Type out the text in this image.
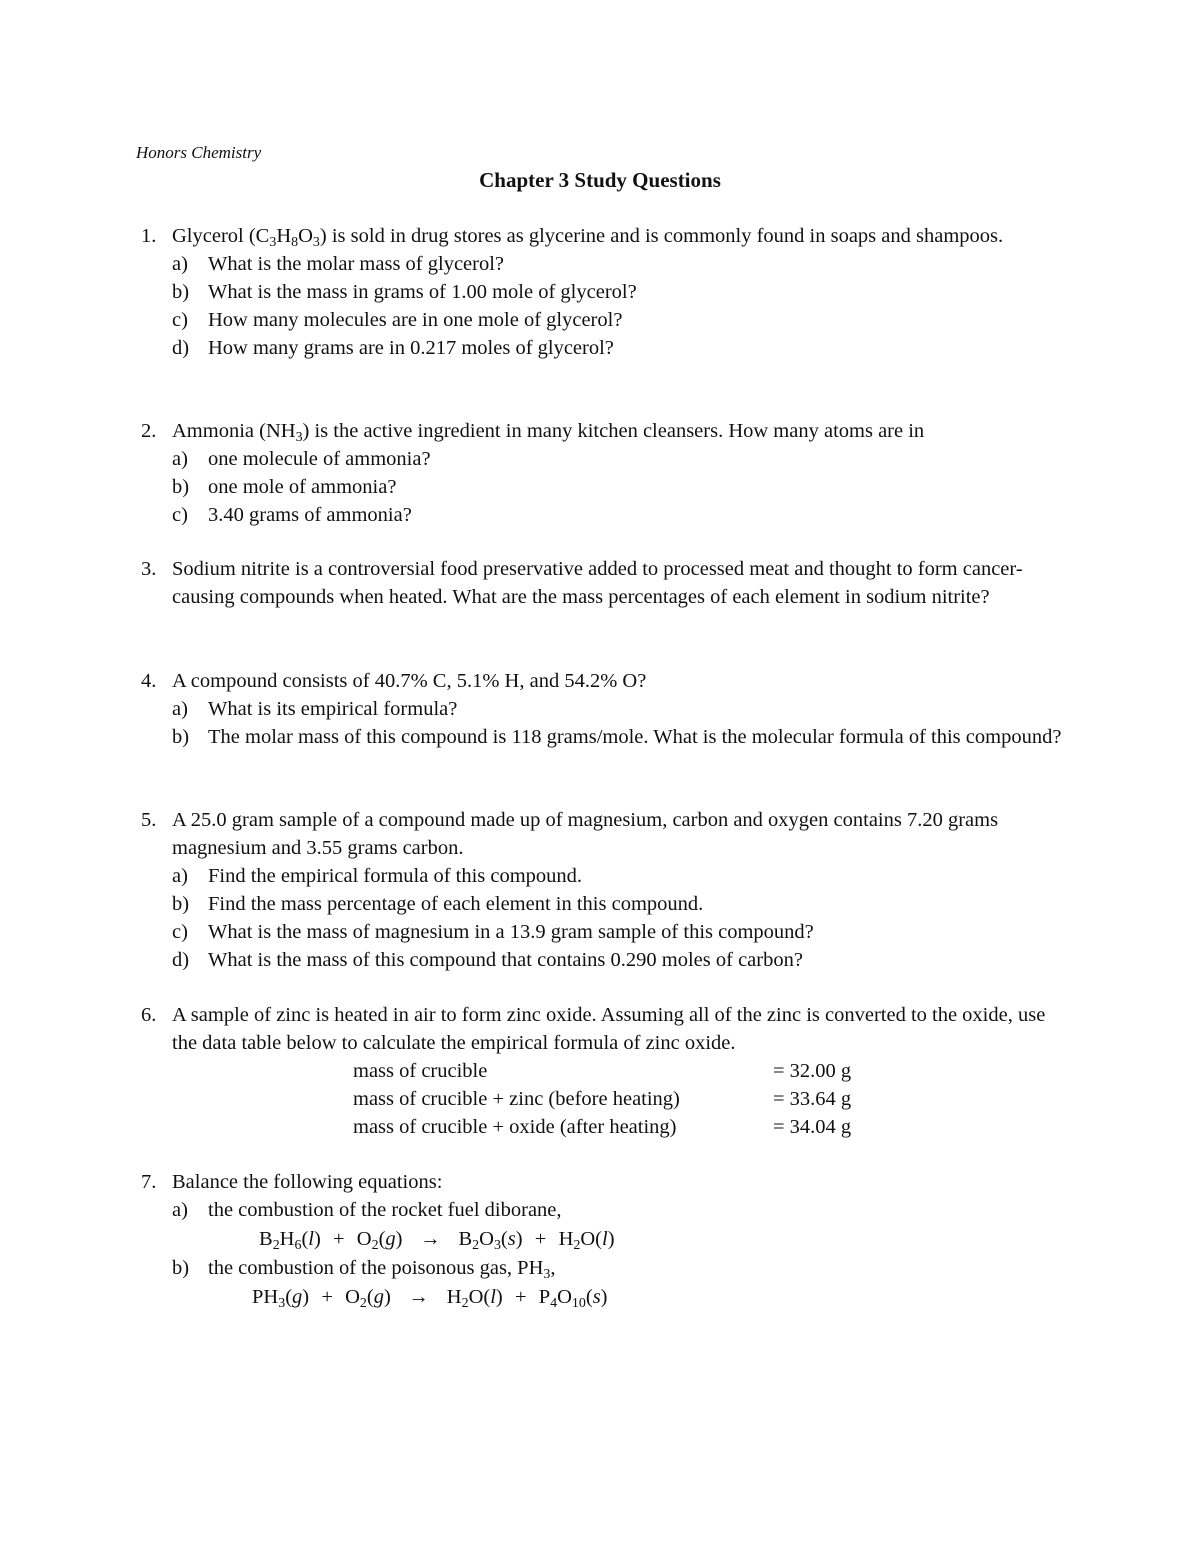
Honors Chemistry
Chapter 3 Study Questions
1. Glycerol $(C_3H_8O_3)$ is sold in drug stores as glycerine and is commonly found in soaps and shampoos.
a) What is the molar mass of glycerol?
b) What is the mass in grams of 1.00 mole of glycerol?
c) How many molecules are in one mole of glycerol?
d) How many grams are in 0.217 moles of glycerol?
2. Ammonia $(NH_3)$ is the active ingredient in many kitchen cleansers. How many atoms are in
a) one molecule of ammonia?
b) one mole of ammonia?
c) 3.40 grams of ammonia?
3. Sodium nitrite is a controversial food preservative added to processed meat and thought to form cancer-causing compounds when heated. What are the mass percentages of each element in sodium nitrite?
4. A compound consists of 40.7% C, 5.1% H, and 54.2% O?
a) What is its empirical formula?
b) The molar mass of this compound is 118 grams/mole. What is the molecular formula of this compound?
5. A 25.0 gram sample of a compound made up of magnesium, carbon and oxygen contains 7.20 grams magnesium and 3.55 grams carbon.
a) Find the empirical formula of this compound.
b) Find the mass percentage of each element in this compound.
c) What is the mass of magnesium in a 13.9 gram sample of this compound?
d) What is the mass of this compound that contains 0.290 moles of carbon?
6. A sample of zinc is heated in air to form zinc oxide. Assuming all of the zinc is converted to the oxide, use the data table below to calculate the empirical formula of zinc oxide.
mass of crucible	= 32.00 g
mass of crucible + zinc (before heating)	= 33.64 g
mass of crucible + oxide (after heating)	= 34.04 g
7. Balance the following equations:
a) the combustion of the rocket fuel diborane,
$B_2H_6(l) + O_2(g) \to B_2O_3(s) + H_2O(l)$
b) the combustion of the poisonous gas, $PH_3$,
$PH_3(g) + O_2(g) \to H_2O(l) + P_4O_{10}(s)$
